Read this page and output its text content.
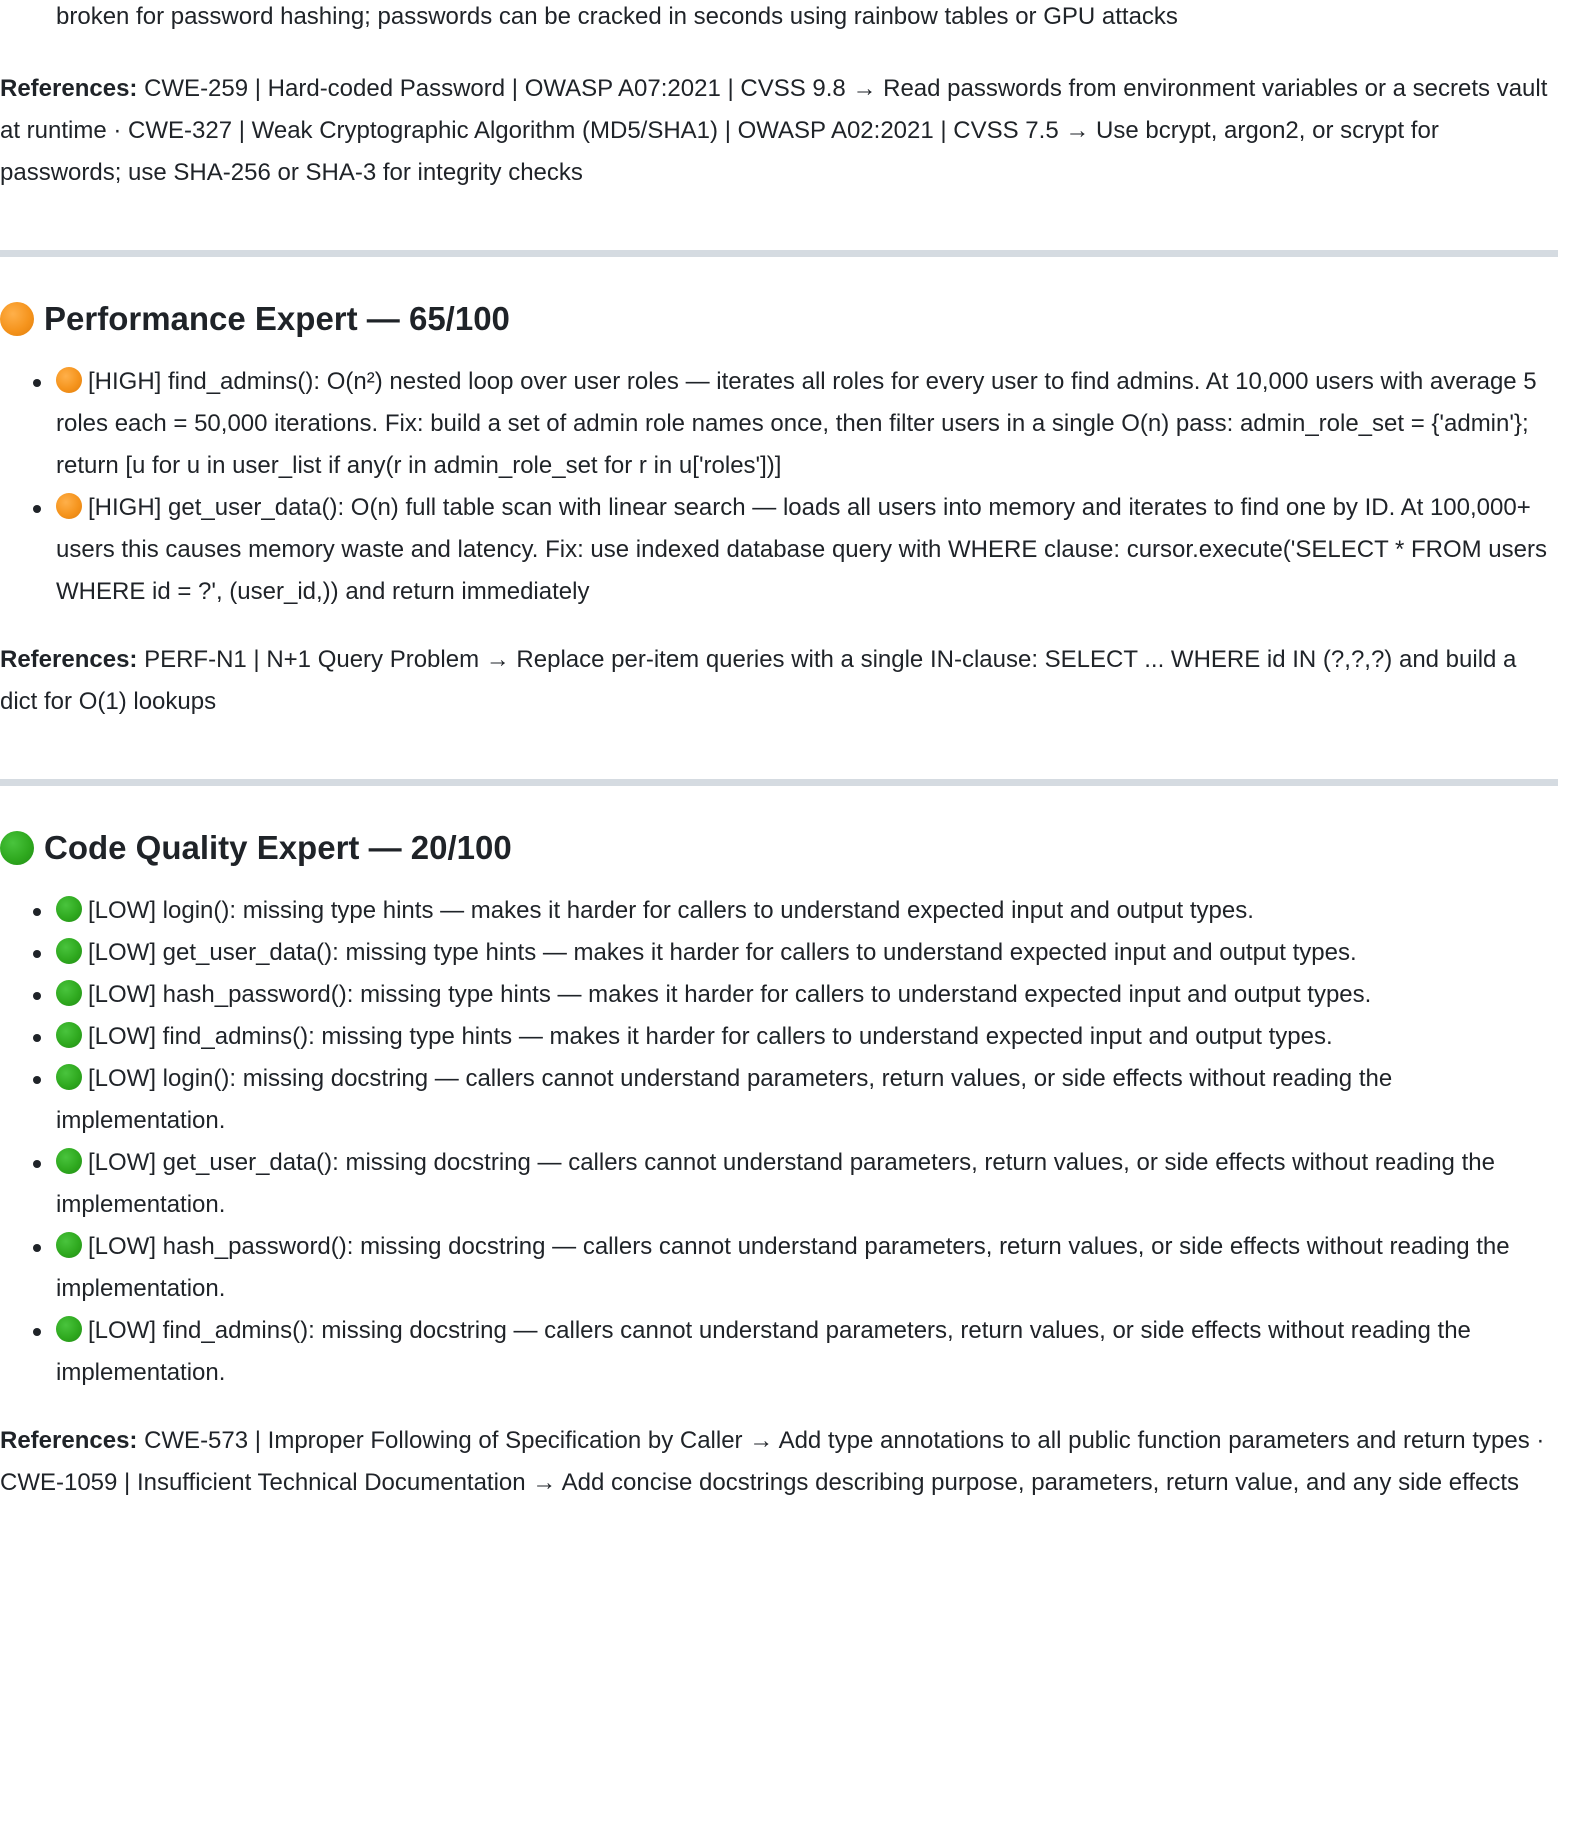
broken for password hashing; passwords can be cracked in seconds using rainbow tables or GPU attacks

References: CWE-259 | Hard-coded Password | OWASP A07:2021 | CVSS 9.8 → Read passwords from environment variables or a secrets vault at runtime · CWE-327 | Weak Cryptographic Algorithm (MD5/SHA1) | OWASP A02:2021 | CVSS 7.5 → Use bcrypt, argon2, or scrypt for passwords; use SHA-256 or SHA-3 for integrity checks

Performance Expert — 65/100
[HIGH] find_admins(): O(n²) nested loop over user roles — iterates all roles for every user to find admins. At 10,000 users with average 5 roles each = 50,000 iterations. Fix: build a set of admin role names once, then filter users in a single O(n) pass: admin_role_set = {'admin'}; return [u for u in user_list if any(r in admin_role_set for r in u['roles'])]
[HIGH] get_user_data(): O(n) full table scan with linear search — loads all users into memory and iterates to find one by ID. At 100,000+ users this causes memory waste and latency. Fix: use indexed database query with WHERE clause: cursor.execute('SELECT * FROM users WHERE id = ?', (user_id,)) and return immediately

References: PERF-N1 | N+1 Query Problem → Replace per-item queries with a single IN-clause: SELECT ... WHERE id IN (?,?,?) and build a dict for O(1) lookups

Code Quality Expert — 20/100
[LOW] login(): missing type hints — makes it harder for callers to understand expected input and output types.
[LOW] get_user_data(): missing type hints — makes it harder for callers to understand expected input and output types.
[LOW] hash_password(): missing type hints — makes it harder for callers to understand expected input and output types.
[LOW] find_admins(): missing type hints — makes it harder for callers to understand expected input and output types.
[LOW] login(): missing docstring — callers cannot understand parameters, return values, or side effects without reading the implementation.
[LOW] get_user_data(): missing docstring — callers cannot understand parameters, return values, or side effects without reading the implementation.
[LOW] hash_password(): missing docstring — callers cannot understand parameters, return values, or side effects without reading the implementation.
[LOW] find_admins(): missing docstring — callers cannot understand parameters, return values, or side effects without reading the implementation.

References: CWE-573 | Improper Following of Specification by Caller → Add type annotations to all public function parameters and return types · CWE-1059 | Insufficient Technical Documentation → Add concise docstrings describing purpose, parameters, return value, and any side effects
